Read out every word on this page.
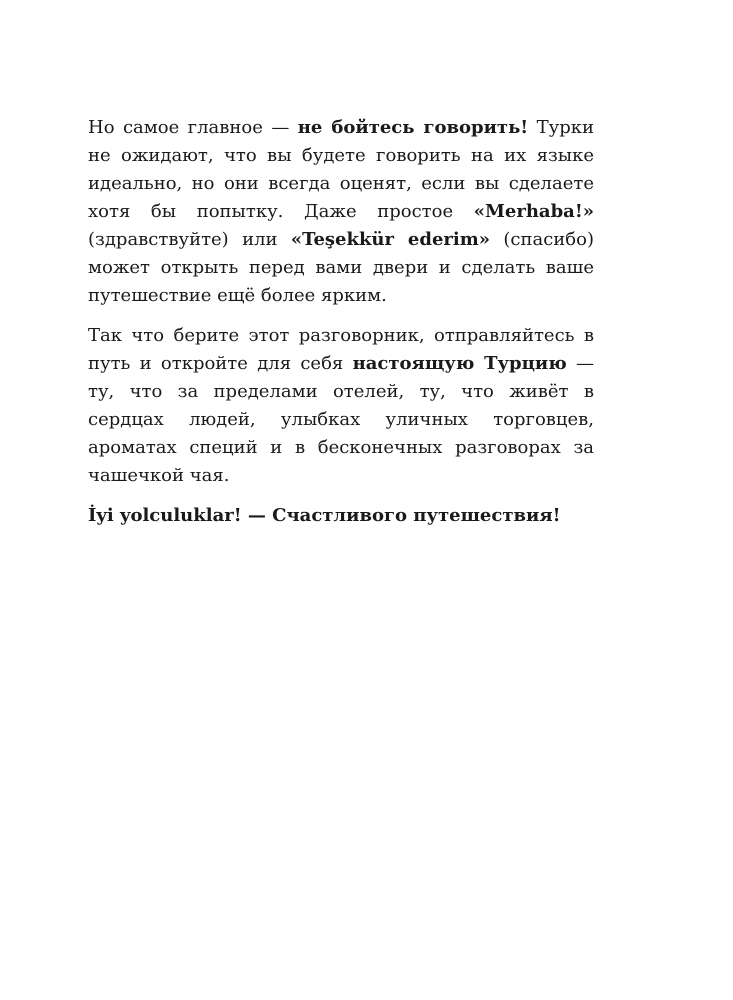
Но самое главное — не бойтесь говорить! Турки не ожидают, что вы будете говорить на их языке идеально, но они всегда оценят, если вы сделаете хотя бы попытку. Даже простое «Merhaba!» (здравствуйте) или «Teşekkür ederim» (спасибо) может открыть перед вами двери и сделать ваше путешествие ещё более ярким.

Так что берите этот разговорник, отправляйтесь в путь и откройте для себя настоящую Турцию — ту, что за пределами отелей, ту, что живёт в сердцах людей, улыбках уличных торговцев, ароматах специй и в бесконечных разговорах за чашечкой чая.

İyi yolculuklar! — Счастливого путешествия!
